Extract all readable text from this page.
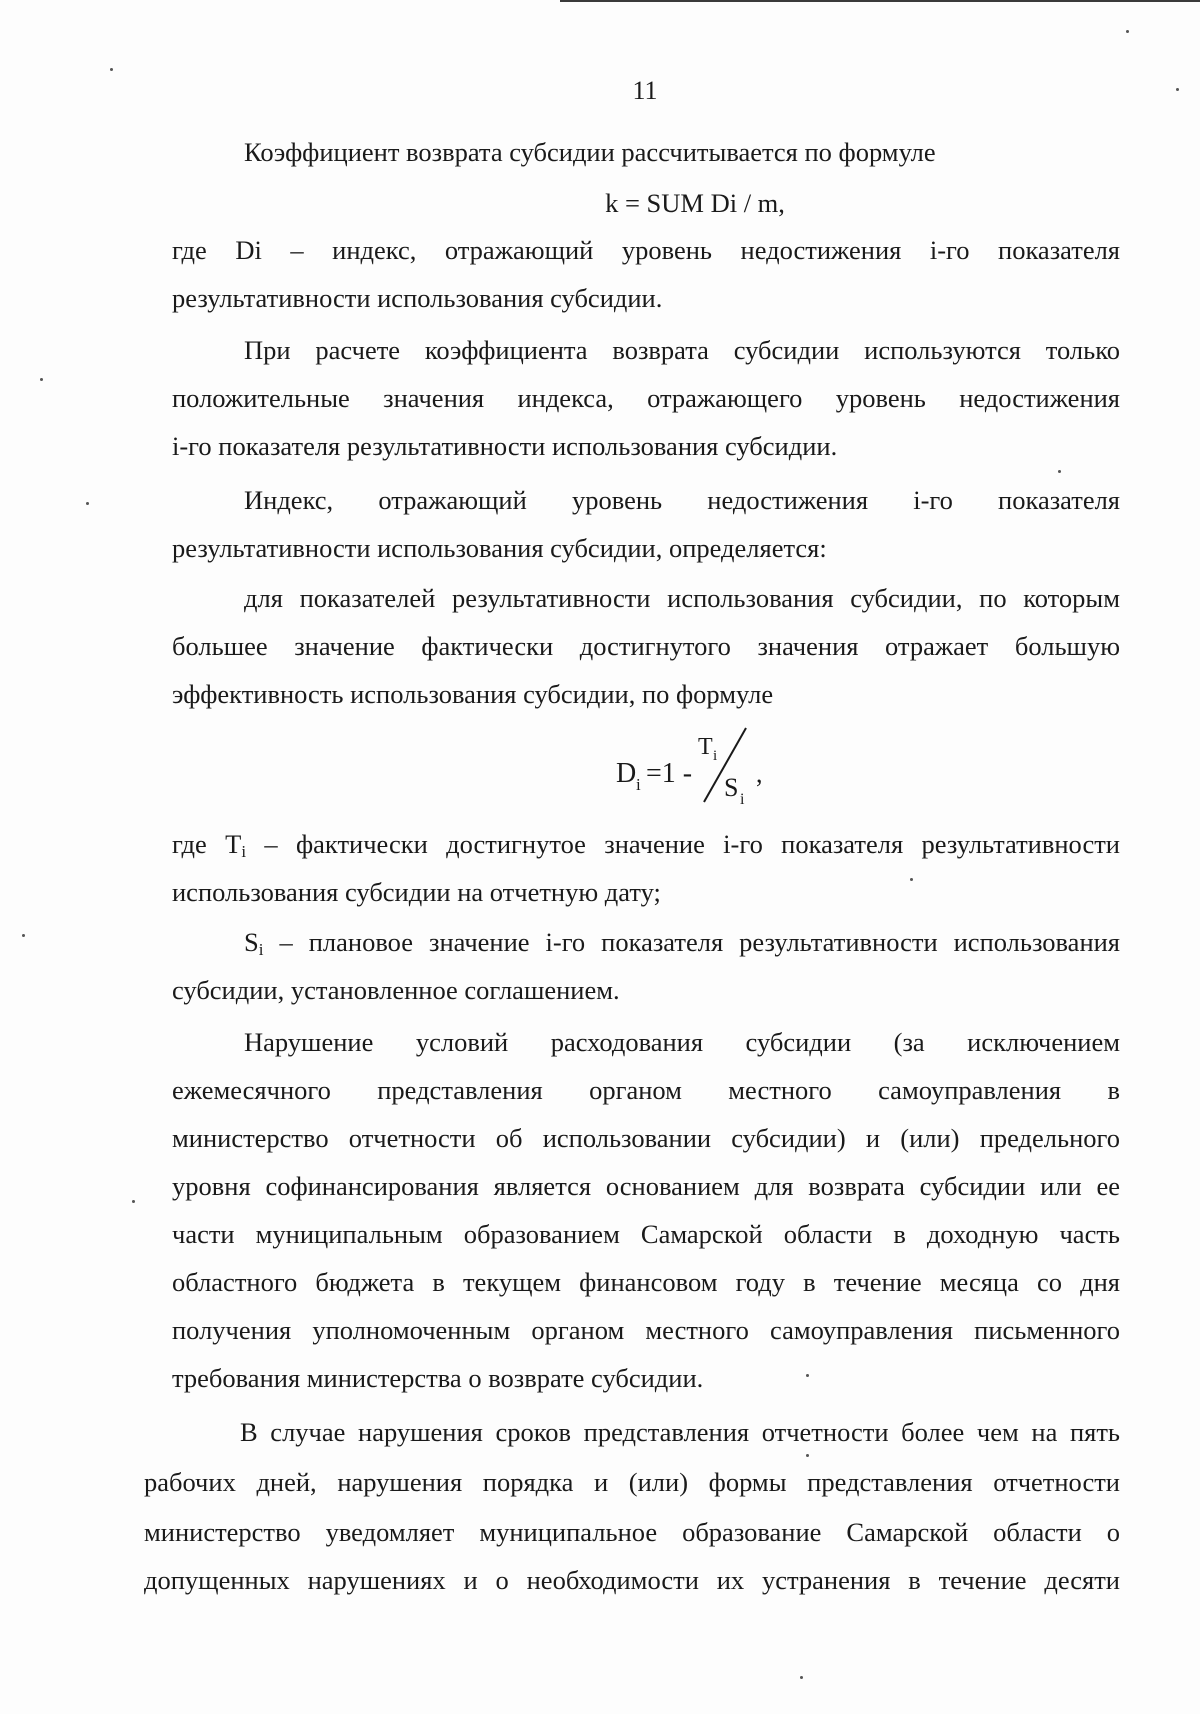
11
Коэффициент возврата субсидии рассчитывается по формуле
k = SUM Di / m,
где Di – индекс, отражающий уровень недостижения i-го показателя
результативности использования субсидии.
При расчете коэффициента возврата субсидии используются только
положительные значения индекса, отражающего уровень недостижения
i-го показателя результативности использования субсидии.
Индекс, отражающий уровень недостижения i-го показателя
результативности использования субсидии, определяется:
для показателей результативности использования субсидии, по которым
большее значение фактически достигнутого значения отражает большую
эффективность использования субсидии, по формуле
D i =1 -
T i
S i
,
где $T_i$ – фактически достигнутое значение i-го показателя результативности
использования субсидии на отчетную дату;
$S_i$ – плановое значение i-го показателя результативности использования
субсидии, установленное соглашением.
Нарушение условий расходования субсидии (за исключением
ежемесячного представления органом местного самоуправления в
министерство отчетности об использовании субсидии) и (или) предельного
уровня софинансирования является основанием для возврата субсидии или ее
части муниципальным образованием Самарской области в доходную часть
областного бюджета в текущем финансовом году в течение месяца со дня
получения уполномоченным органом местного самоуправления письменного
требования министерства о возврате субсидии.
В случае нарушения сроков представления отчетности более чем на пять
рабочих дней, нарушения порядка и (или) формы представления отчетности
министерство уведомляет муниципальное образование Самарской области о
допущенных нарушениях и о необходимости их устранения в течение десяти
